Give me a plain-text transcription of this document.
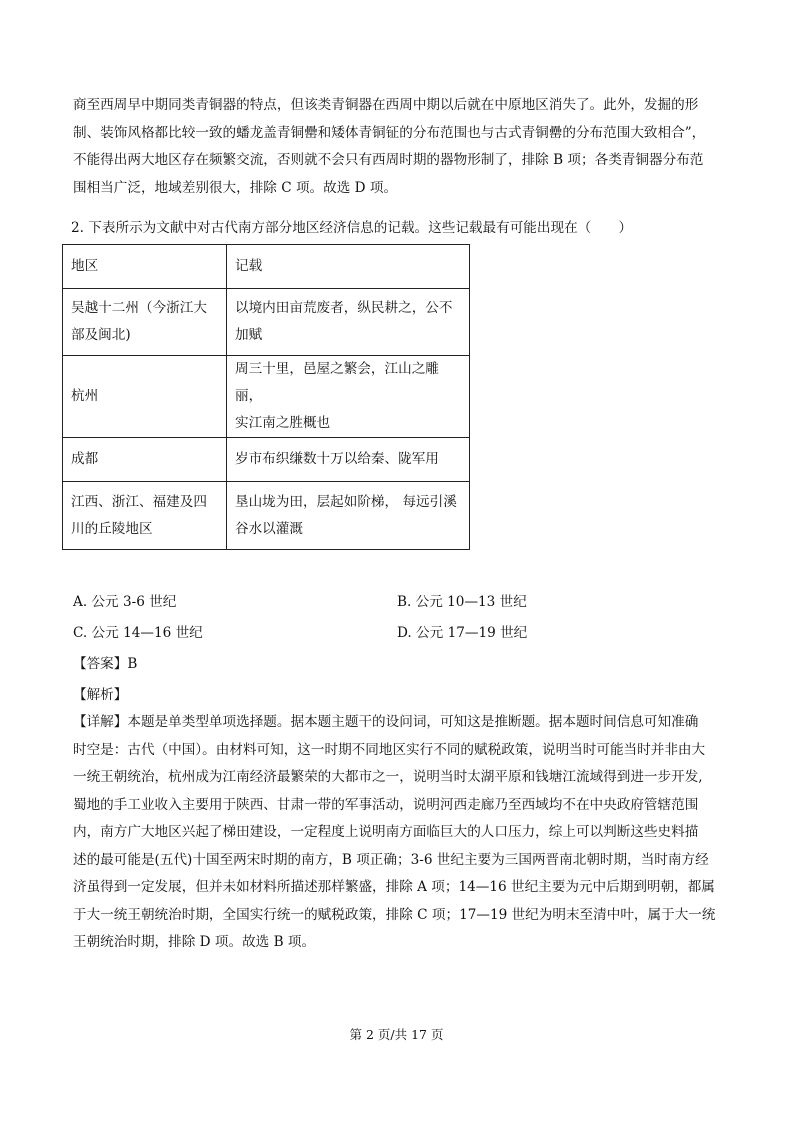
商至西周早中期同类青铜器的特点，但该类青铜器在西周中期以后就在中原地区消失了。此外，发掘的形
制、装饰风格都比较一致的蟠龙盖青铜罍和矮体青铜钲的分布范围也与古式青铜罍的分布范围大致相合”，
不能得出两大地区存在频繁交流，否则就不会只有西周时期的器物形制了，排除 B 项；各类青铜器分布范
围相当广泛，地域差别很大，排除 C 项。故选 D 项。
2. 下表所示为文献中对古代南方部分地区经济信息的记载。这些记载最有可能出现在（　　）
地区	记载
吴越十二州（今浙江大
部及闽北)	以境内田亩荒废者，纵民耕之，公不
加赋
杭州	周三十里，邑屋之繁会，江山之雕丽，
实江南之胜概也
成都	岁市布织缣数十万以给秦、陇军用
江西、浙江、福建及四
川的丘陵地区	垦山垅为田，层起如阶梯， 每远引溪
谷水以灌溉
A. 公元 3-6 世纪	B. 公元 10—13 世纪
C. 公元 14—16 世纪	D. 公元 17—19 世纪
【答案】B
【解析】
【详解】本题是单类型单项选择题。据本题主题干的设问词，可知这是推断题。据本题时间信息可知准确
时空是：古代（中国）。由材料可知，这一时期不同地区实行不同的赋税政策，说明当时可能当时并非由大
一统王朝统治，杭州成为江南经济最繁荣的大都市之一，说明当时太湖平原和钱塘江流域得到进一步开发,
蜀地的手工业收入主要用于陕西、甘肃一带的军事活动，说明河西走廊乃至西域均不在中央政府管辖范围
内，南方广大地区兴起了梯田建设，一定程度上说明南方面临巨大的人口压力，综上可以判断这些史料描
述的最可能是(五代)十国至两宋时期的南方，B 项正确；3-6 世纪主要为三国两晋南北朝时期，当时南方经
济虽得到一定发展，但并未如材料所描述那样繁盛，排除 A 项；14—16 世纪主要为元中后期到明朝，都属
于大一统王朝统治时期，全国实行统一的赋税政策，排除 C 项；17—19 世纪为明末至清中叶，属于大一统
王朝统治时期，排除 D 项。故选 B 项。
第 2 页/共 17 页
